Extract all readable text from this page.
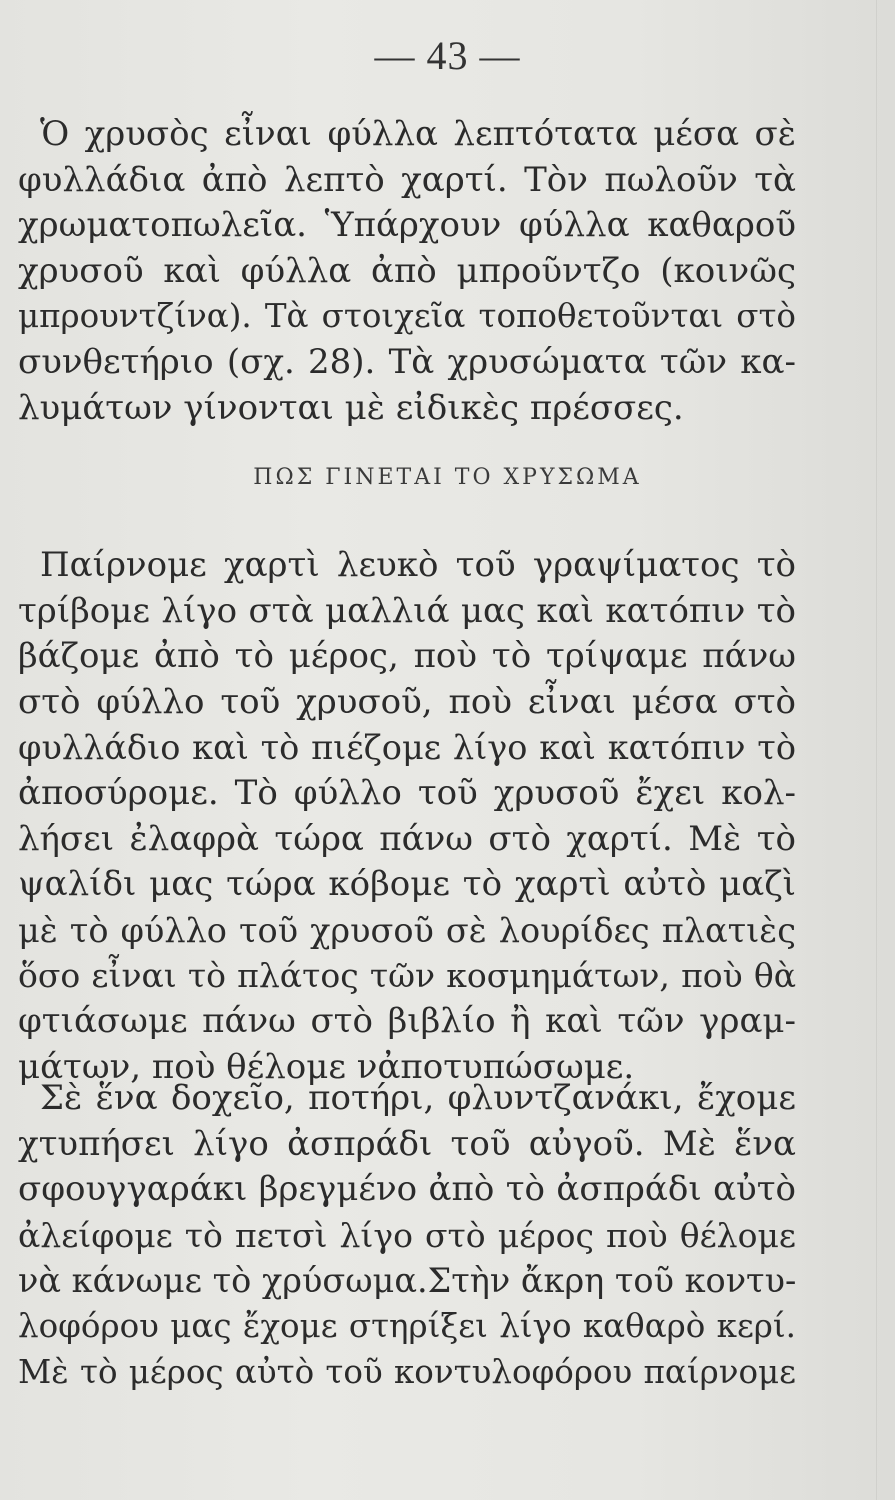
— 43 —
Ὁ χρυσὸς εἶναι φύλλα λεπτότατα μέσα σὲ
φυλλάδια ἀπὸ λεπτὸ χαρτί. Τὸν πωλοῦν τὰ
χρωματοπωλεῖα. Ὑπάρχουν φύλλα καθαροῦ
χρυσοῦ καὶ φύλλα ἀπὸ μπροῦντζο (κοινῶς
μπρουντζίνα). Τὰ στοιχεῖα τοποθετοῦνται στὸ
συνθετήριο (σχ. 28). Τὰ χρυσώματα τῶν κα-
λυμάτων γίνονται μὲ εἰδικὲς πρέσσες.
ΠΩΣ ΓΙΝΕΤΑΙ ΤΟ ΧΡΥΣΩΜΑ
Παίρνομε χαρτὶ λευκὸ τοῦ γραψίματος τὸ
τρίβομε λίγο στὰ μαλλιά μας καὶ κατόπιν τὸ
βάζομε ἀπὸ τὸ μέρος, ποὺ τὸ τρίψαμε πάνω
στὸ φύλλο τοῦ χρυσοῦ, ποὺ εἶναι μέσα στὸ
φυλλάδιο καὶ τὸ πιέζομε λίγο καὶ κατόπιν τὸ
ἀποσύρομε. Τὸ φύλλο τοῦ χρυσοῦ ἔχει κολ-
λήσει ἐλαφρὰ τώρα πάνω στὸ χαρτί. Μὲ τὸ
ψαλίδι μας τώρα κόβομε τὸ χαρτὶ αὐτὸ μαζὶ
μὲ τὸ φύλλο τοῦ χρυσοῦ σὲ λουρίδες πλατιὲς
ὅσο εἶναι τὸ πλάτος τῶν κοσμημάτων, ποὺ θὰ
φτιάσωμε πάνω στὸ βιβλίο ἢ καὶ τῶν γραμ-
μάτων, ποὺ θέλομε νἀποτυπώσωμε.
Σὲ ἕνα δοχεῖο, ποτήρι, φλυντζανάκι, ἔχομε
χτυπήσει λίγο ἀσπράδι τοῦ αὐγοῦ. Μὲ ἕνα
σφουγγαράκι βρεγμένο ἀπὸ τὸ ἀσπράδι αὐτὸ
ἀλείφομε τὸ πετσὶ λίγο στὸ μέρος ποὺ θέλομε
νὰ κάνωμε τὸ χρύσωμα.Στὴν ἄκρη τοῦ κοντυ-
λοφόρου μας ἔχομε στηρίξει λίγο καθαρὸ κερί.
Μὲ τὸ μέρος αὐτὸ τοῦ κοντυλοφόρου παίρνομε
